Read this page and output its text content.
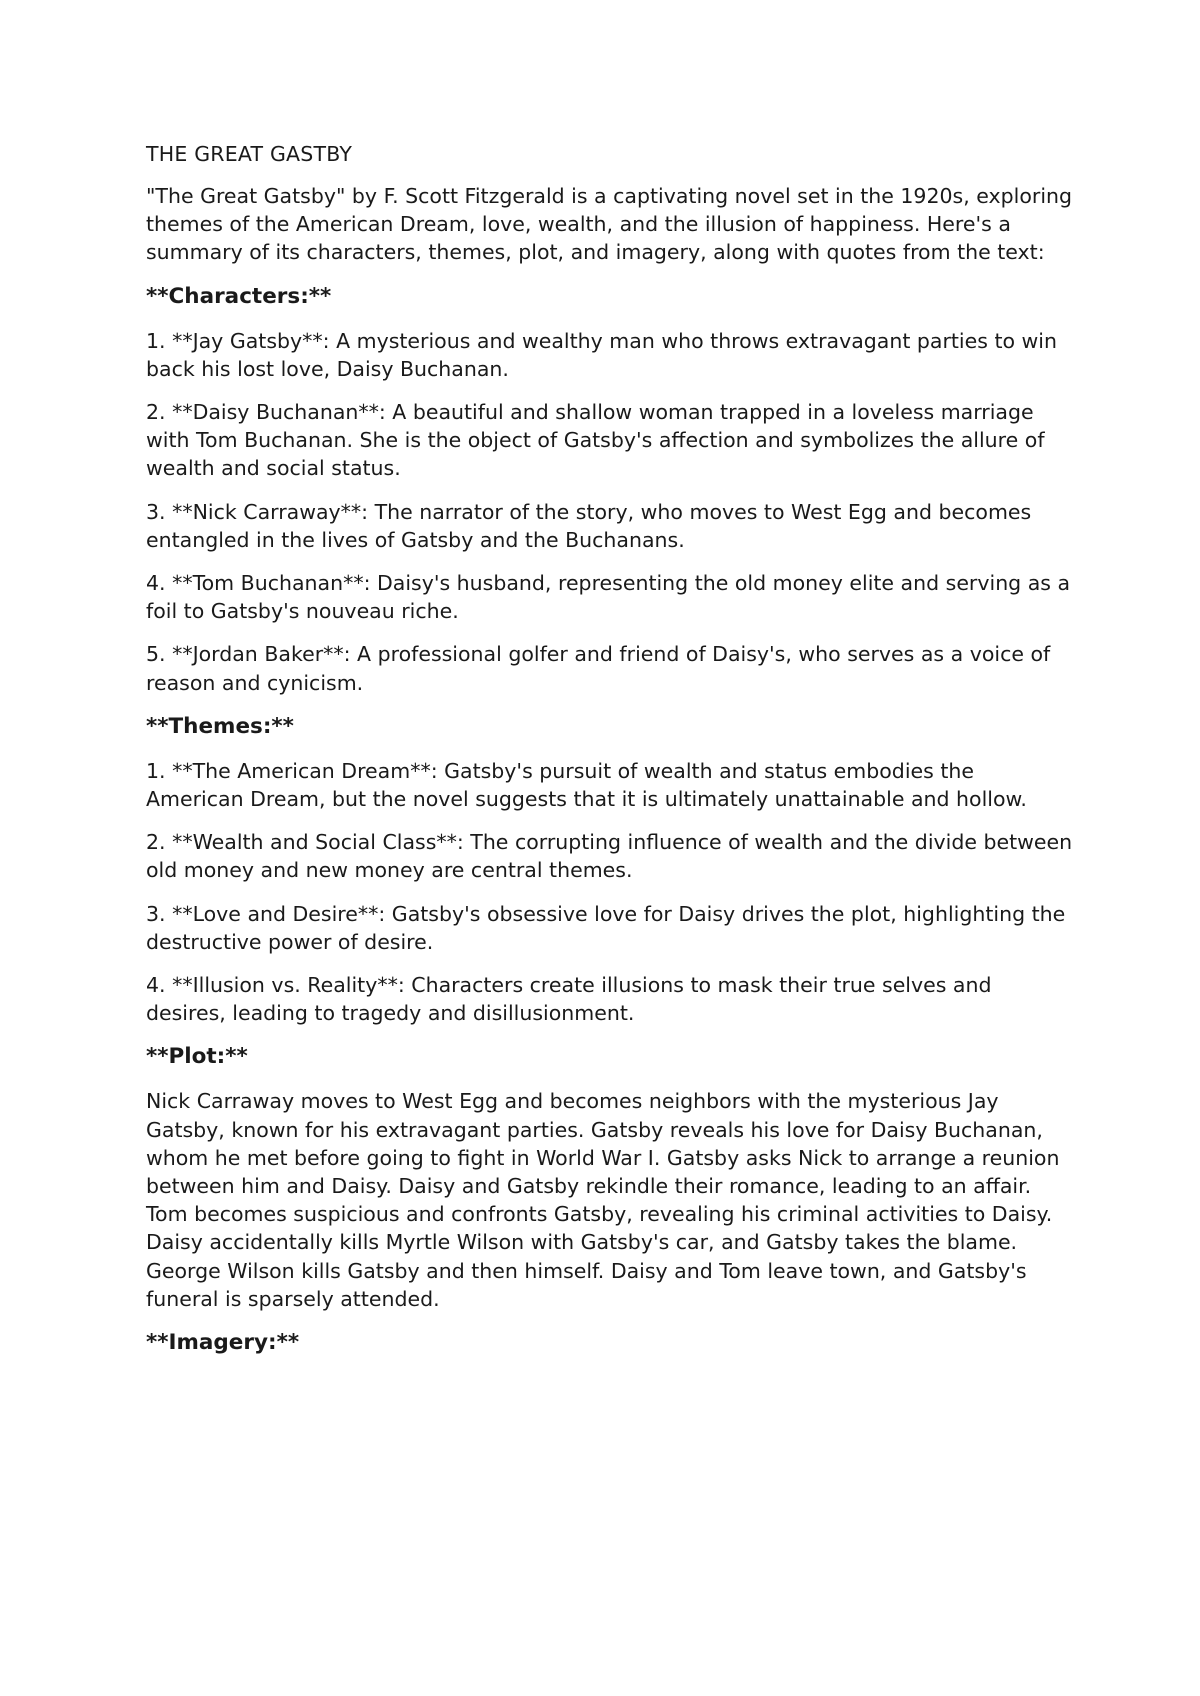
THE GREAT GASTBY

"The Great Gatsby" by F. Scott Fitzgerald is a captivating novel set in the 1920s, exploring themes of the American Dream, love, wealth, and the illusion of happiness. Here's a summary of its characters, themes, plot, and imagery, along with quotes from the text:

**Characters:**

1. **Jay Gatsby**: A mysterious and wealthy man who throws extravagant parties to win back his lost love, Daisy Buchanan.

2. **Daisy Buchanan**: A beautiful and shallow woman trapped in a loveless marriage with Tom Buchanan. She is the object of Gatsby's affection and symbolizes the allure of wealth and social status.

3. **Nick Carraway**: The narrator of the story, who moves to West Egg and becomes entangled in the lives of Gatsby and the Buchanans.

4. **Tom Buchanan**: Daisy's husband, representing the old money elite and serving as a foil to Gatsby's nouveau riche.

5. **Jordan Baker**: A professional golfer and friend of Daisy's, who serves as a voice of reason and cynicism.

**Themes:**

1. **The American Dream**: Gatsby's pursuit of wealth and status embodies the American Dream, but the novel suggests that it is ultimately unattainable and hollow.

2. **Wealth and Social Class**: The corrupting influence of wealth and the divide between old money and new money are central themes.

3. **Love and Desire**: Gatsby's obsessive love for Daisy drives the plot, highlighting the destructive power of desire.

4. **Illusion vs. Reality**: Characters create illusions to mask their true selves and desires, leading to tragedy and disillusionment.

**Plot:**

Nick Carraway moves to West Egg and becomes neighbors with the mysterious Jay Gatsby, known for his extravagant parties. Gatsby reveals his love for Daisy Buchanan, whom he met before going to fight in World War I. Gatsby asks Nick to arrange a reunion between him and Daisy. Daisy and Gatsby rekindle their romance, leading to an affair. Tom becomes suspicious and confronts Gatsby, revealing his criminal activities to Daisy. Daisy accidentally kills Myrtle Wilson with Gatsby's car, and Gatsby takes the blame. George Wilson kills Gatsby and then himself. Daisy and Tom leave town, and Gatsby's funeral is sparsely attended.

**Imagery:**
